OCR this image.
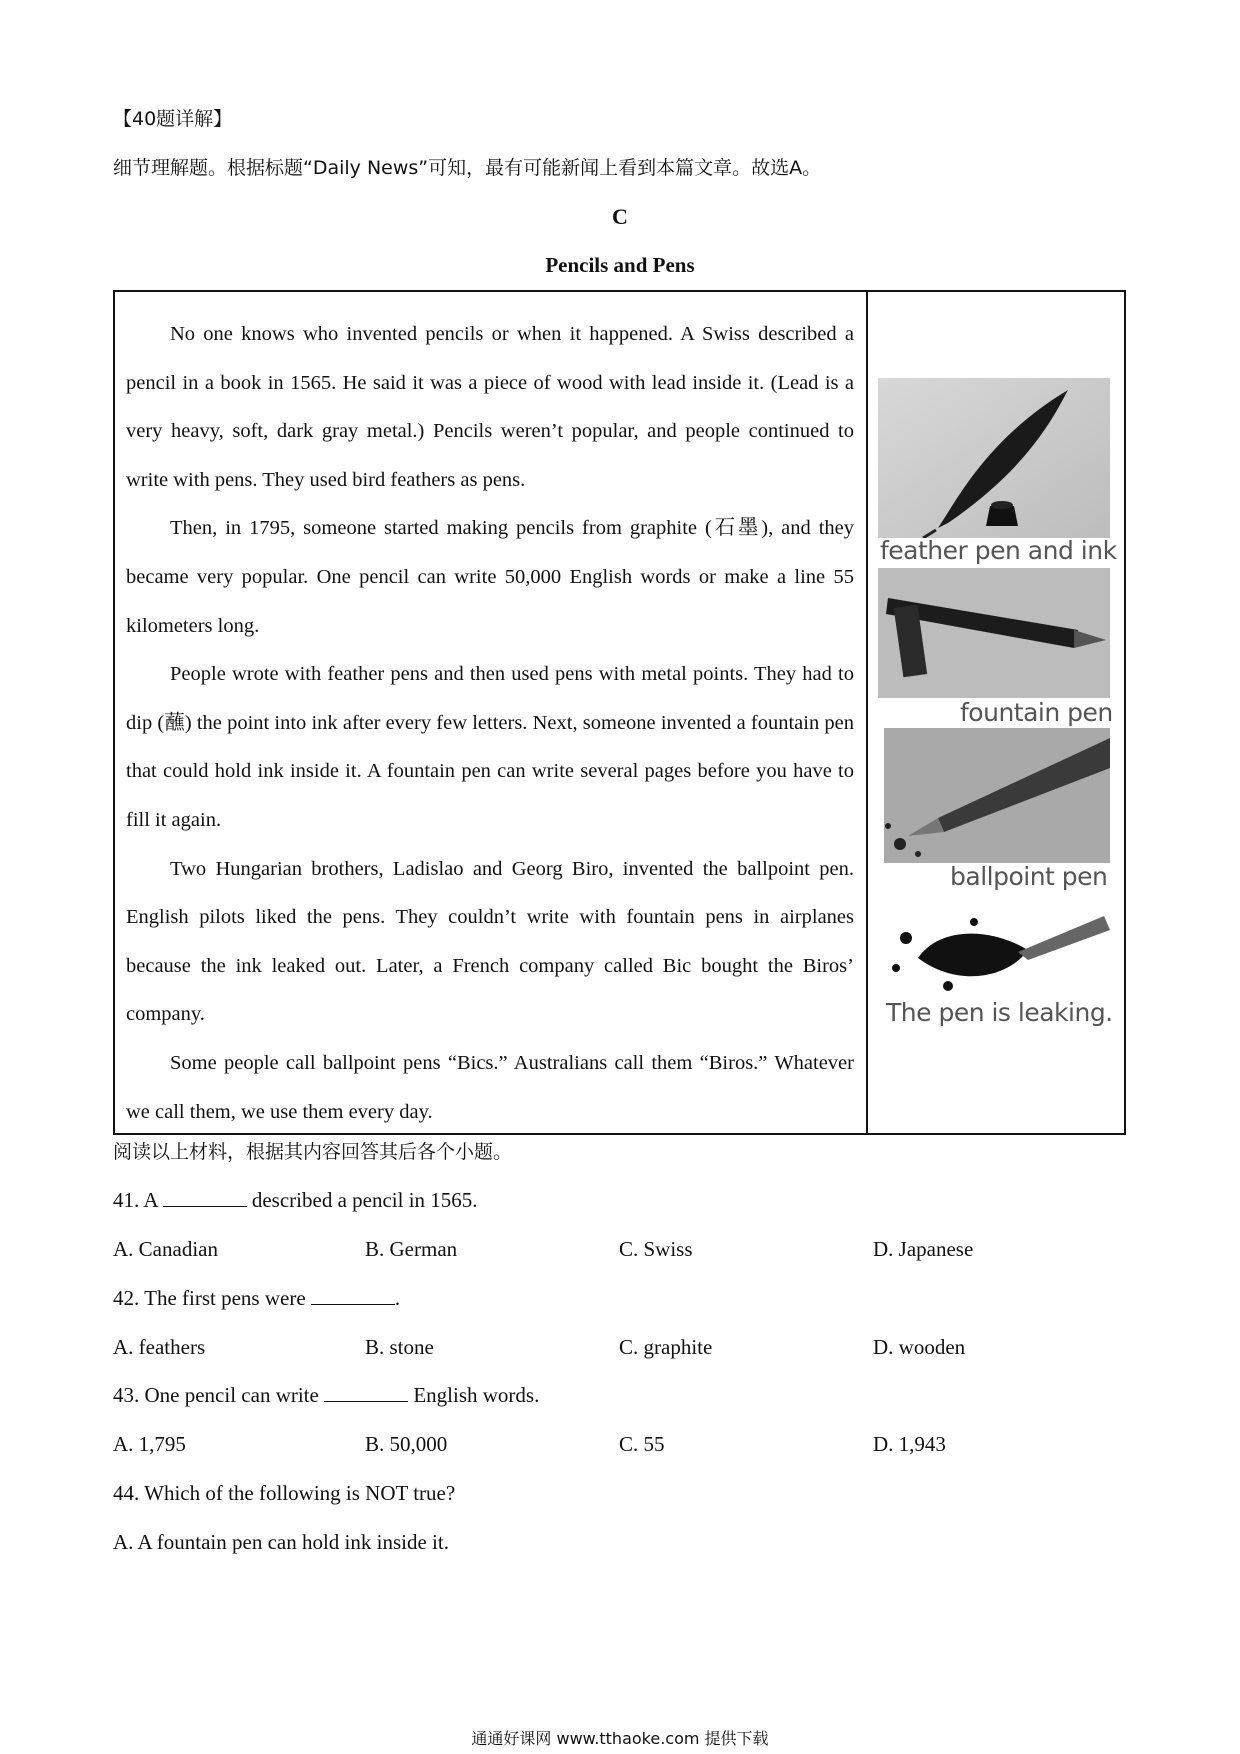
【40题详解】
细节理解题。根据标题“Daily News”可知，最有可能新闻上看到本篇文章。故选A。
C
Pencils and Pens

No one knows who invented pencils or when it happened. A Swiss described a pencil in a book in 1565. He said it was a piece of wood with lead inside it. (Lead is a very heavy, soft, dark gray metal.) Pencils weren’t popular, and people continued to write with pens. They used bird feathers as pens.

Then, in 1795, someone started making pencils from graphite (石墨), and they became very popular. One pencil can write 50,000 English words or make a line 55 kilometers long.

People wrote with feather pens and then used pens with metal points. They had to dip (蘸) the point into ink after every few letters. Next, someone invented a fountain pen that could hold ink inside it. A fountain pen can write several pages before you have to fill it again.

Two Hungarian brothers, Ladislao and Georg Biro, invented the ballpoint pen. English pilots liked the pens. They couldn’t write with fountain pens in airplanes because the ink leaked out. Later, a French company called Bic bought the Biros’ company.

Some people call ballpoint pens “Bics.” Australians call them “Biros.” Whatever we call them, we use them every day.

feather pen and ink
fountain pen
ballpoint pen
The pen is leaking.
阅读以上材料，根据其内容回答其后各个小题。
41. A	described a pencil in 1565.
A. Canadian	B. German	C. Swiss	D. Japanese
42. The first pens were	.
A. feathers	B. stone	C. graphite	D. wooden
43. One pencil can write	English words.
A. 1,795	B. 50,000	C. 55	D. 1,943
44. Which of the following is NOT true?
A. A fountain pen can hold ink inside it.
通通好课网 www.tthaoke.com 提供下载
